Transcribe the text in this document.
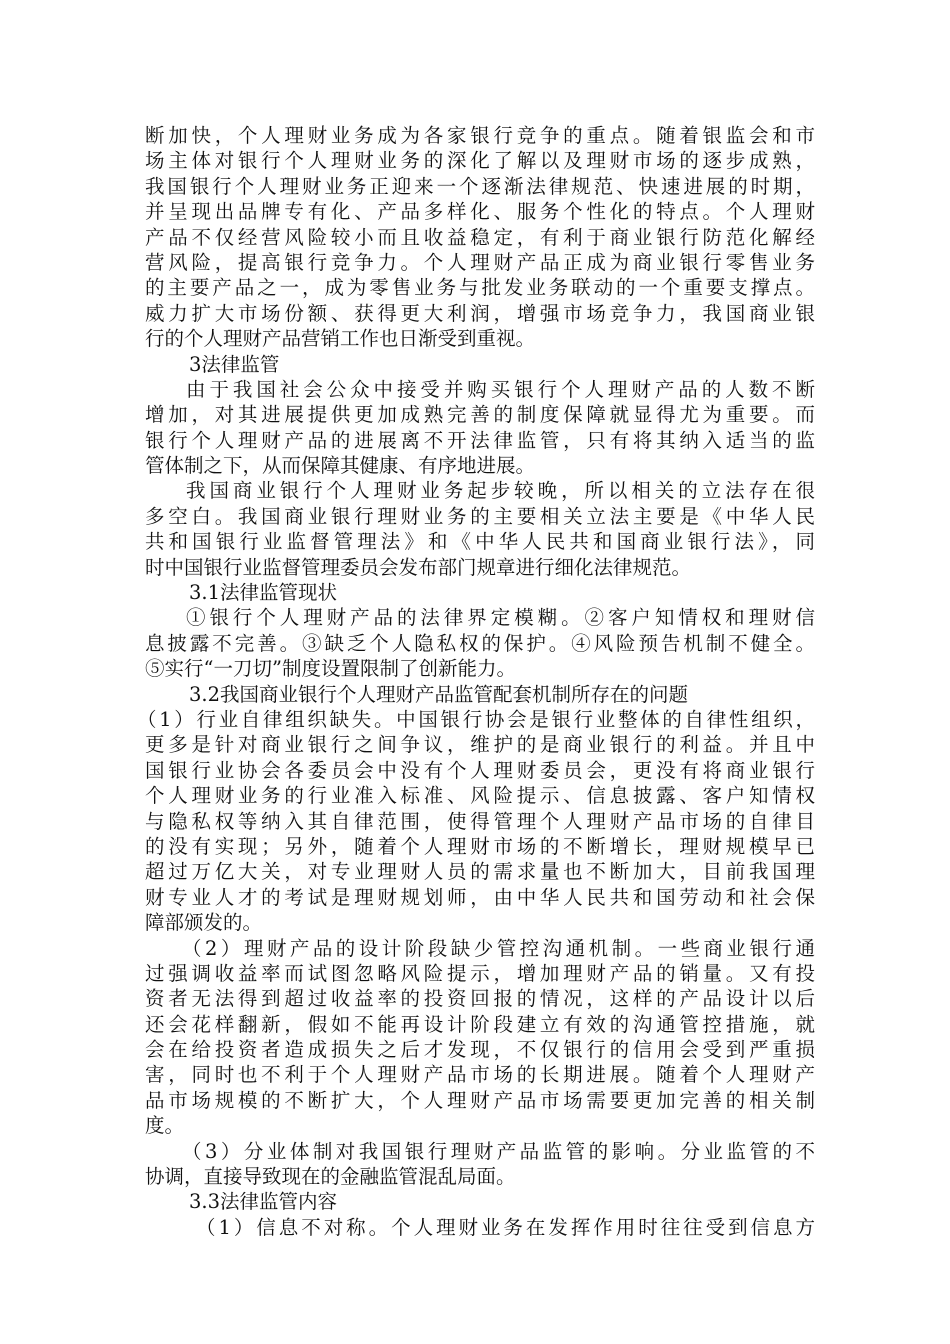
断加快，个人理财业务成为各家银行竞争的重点。随着银监会和市
场主体对银行个人理财业务的深化了解以及理财市场的逐步成熟，
我国银行个人理财业务正迎来一个逐渐法律规范、快速进展的时期，
并呈现出品牌专有化、产品多样化、服务个性化的特点。个人理财
产品不仅经营风险较小而且收益稳定，有利于商业银行防范化解经
营风险，提高银行竞争力。个人理财产品正成为商业银行零售业务
的主要产品之一，成为零售业务与批发业务联动的一个重要支撑点。
威力扩大市场份额、获得更大利润，增强市场竞争力，我国商业银
行的个人理财产品营销工作也日渐受到重视。
3法律监管
由于我国社会公众中接受并购买银行个人理财产品的人数不断
增加，对其进展提供更加成熟完善的制度保障就显得尤为重要。而
银行个人理财产品的进展离不开法律监管，只有将其纳入适当的监
管体制之下，从而保障其健康、有序地进展。
我国商业银行个人理财业务起步较晚，所以相关的立法存在很
多空白。我国商业银行理财业务的主要相关立法主要是《中华人民
共和国银行业监督管理法》和《中华人民共和国商业银行法》，同
时中国银行业监督管理委员会发布部门规章进行细化法律规范。
3.1法律监管现状
①银行个人理财产品的法律界定模糊。②客户知情权和理财信
息披露不完善。③缺乏个人隐私权的保护。④风险预告机制不健全。
⑤实行“一刀切”制度设置限制了创新能力。
3.2我国商业银行个人理财产品监管配套机制所存在的问题
（1）行业自律组织缺失。中国银行协会是银行业整体的自律性组织，
更多是针对商业银行之间争议，维护的是商业银行的利益。并且中
国银行业协会各委员会中没有个人理财委员会，更没有将商业银行
个人理财业务的行业准入标准、风险提示、信息披露、客户知情权
与隐私权等纳入其自律范围，使得管理个人理财产品市场的自律目
的没有实现；另外，随着个人理财市场的不断增长，理财规模早已
超过万亿大关，对专业理财人员的需求量也不断加大，目前我国理
财专业人才的考试是理财规划师，由中华人民共和国劳动和社会保
障部颁发的。
（2）理财产品的设计阶段缺少管控沟通机制。一些商业银行通
过强调收益率而试图忽略风险提示，增加理财产品的销量。又有投
资者无法得到超过收益率的投资回报的情况，这样的产品设计以后
还会花样翻新，假如不能再设计阶段建立有效的沟通管控措施，就
会在给投资者造成损失之后才发现，不仅银行的信用会受到严重损
害，同时也不利于个人理财产品市场的长期进展。随着个人理财产
品市场规模的不断扩大，个人理财产品市场需要更加完善的相关制
度。
（3）分业体制对我国银行理财产品监管的影响。分业监管的不
协调，直接导致现在的金融监管混乱局面。
3.3法律监管内容
（1）信息不对称。个人理财业务在发挥作用时往往受到信息方
